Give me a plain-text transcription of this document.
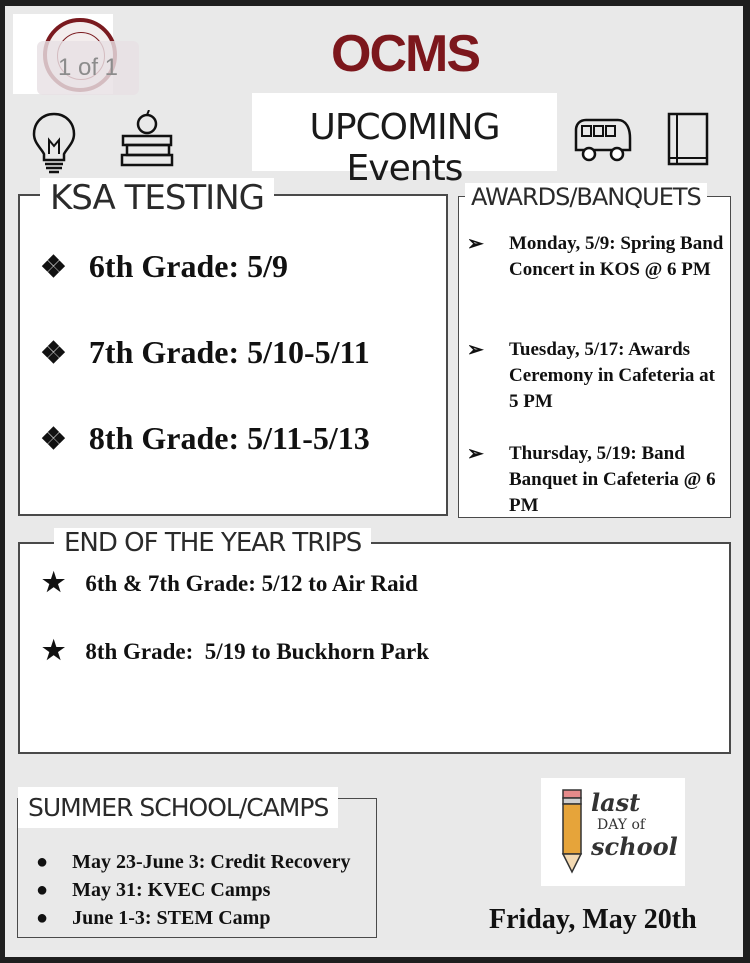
1 of 1	OCMS
UPCOMING Events
KSA TESTING
❖ 6th Grade: 5/9
❖ 7th Grade: 5/10-5/11
❖ 8th Grade: 5/11-5/13
AWARDS/BANQUETS
➢ Monday, 5/9: Spring Band Concert in KOS @ 6 PM
➢ Tuesday, 5/17: Awards Ceremony in Cafeteria at 5 PM
➢ Thursday, 5/19: Band Banquet in Cafeteria @ 6 PM
END OF THE YEAR TRIPS
★ 6th & 7th Grade: 5/12 to Air Raid
★ 8th Grade:  5/19 to Buckhorn Park
SUMMER SCHOOL/CAMPS
● May 23-June 3: Credit Recovery
● May 31: KVEC Camps
● June 1-3: STEM Camp
last
DAY of
school
Friday, May 20th
